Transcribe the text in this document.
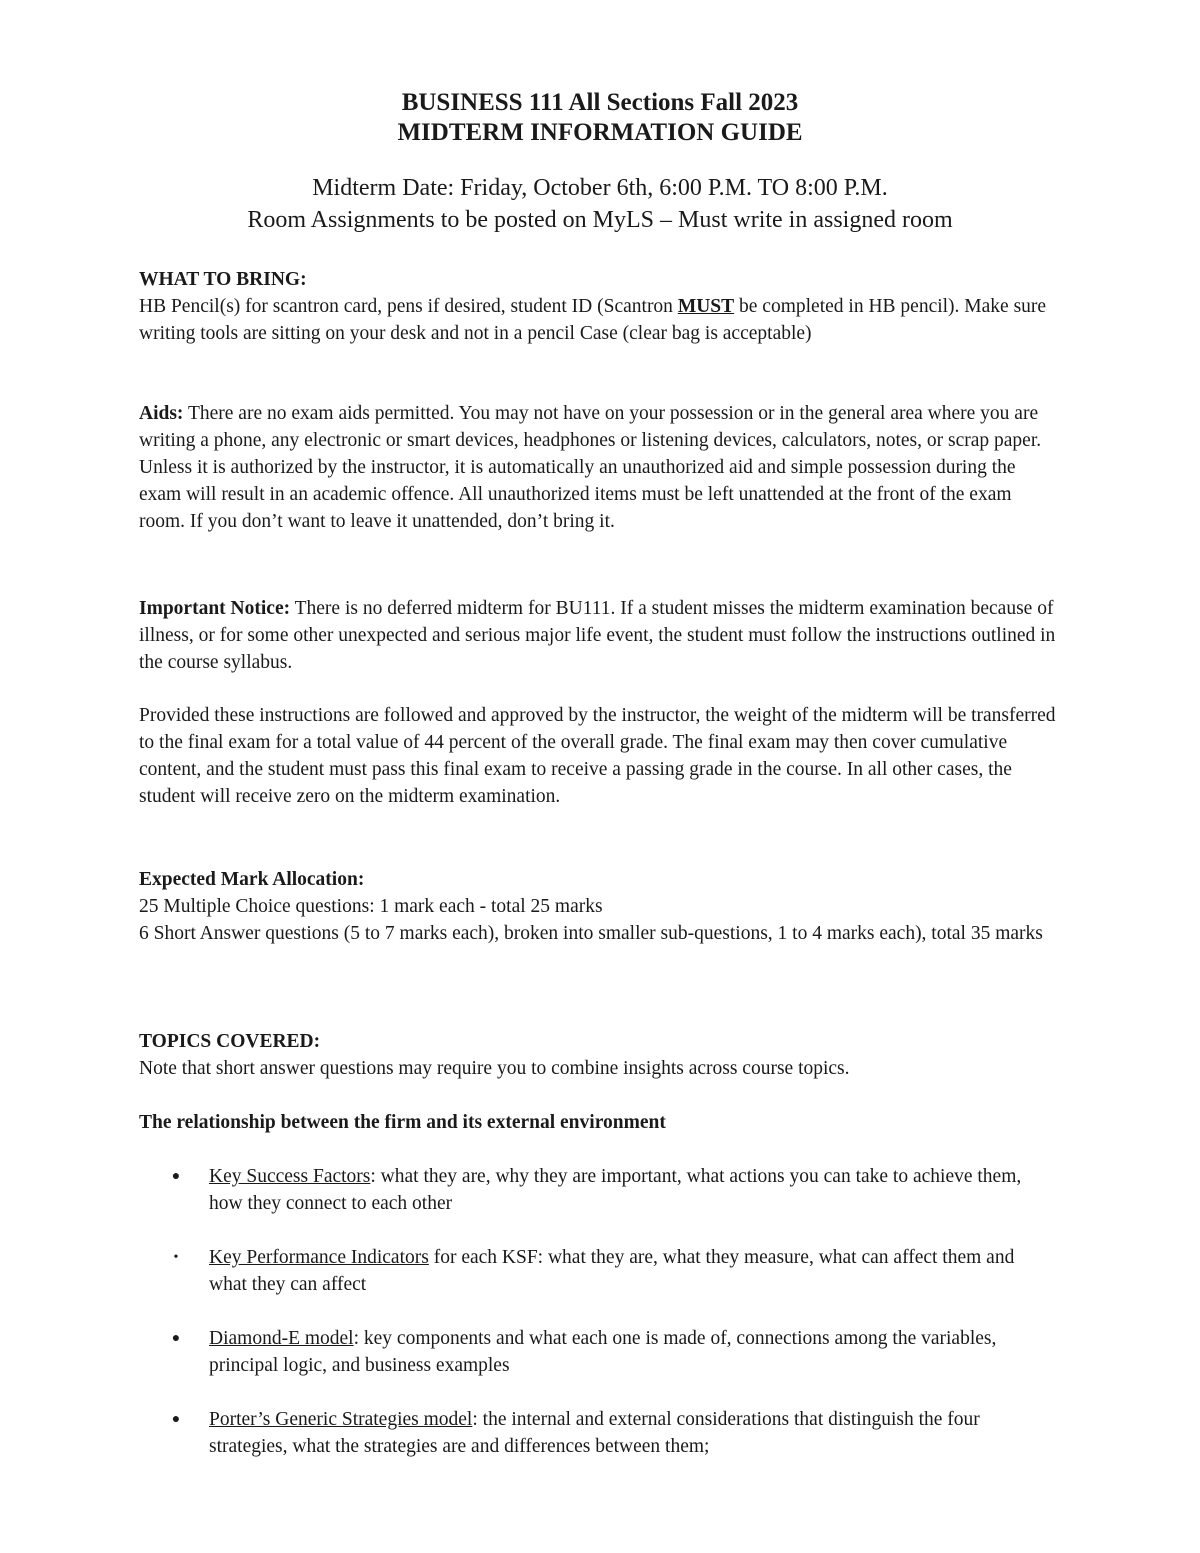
BUSINESS 111 All Sections Fall 2023

MIDTERM INFORMATION GUIDE

Midterm Date: Friday, October 6th, 6:00 P.M. TO 8:00 P.M.

Room Assignments to be posted on MyLS – Must write in assigned room

WHAT TO BRING:

HB Pencil(s) for scantron card, pens if desired, student ID (Scantron MUST be completed in HB pencil). Make sure writing tools are sitting on your desk and not in a pencil Case (clear bag is acceptable)

Aids: There are no exam aids permitted. You may not have on your possession or in the general area where you are writing a phone, any electronic or smart devices, headphones or listening devices, calculators, notes, or scrap paper. Unless it is authorized by the instructor, it is automatically an unauthorized aid and simple possession during the exam will result in an academic offence. All unauthorized items must be left unattended at the front of the exam room. If you don’t want to leave it unattended, don’t bring it.

Important Notice: There is no deferred midterm for BU111. If a student misses the midterm examination because of illness, or for some other unexpected and serious major life event, the student must follow the instructions outlined in the course syllabus.

Provided these instructions are followed and approved by the instructor, the weight of the midterm will be transferred to the final exam for a total value of 44 percent of the overall grade. The final exam may then cover cumulative content, and the student must pass this final exam to receive a passing grade in the course. In all other cases, the student will receive zero on the midterm examination.

Expected Mark Allocation:

25 Multiple Choice questions: 1 mark each - total 25 marks

6 Short Answer questions (5 to 7 marks each), broken into smaller sub-questions, 1 to 4 marks each), total 35 marks

TOPICS COVERED:

Note that short answer questions may require you to combine insights across course topics.

The relationship between the firm and its external environment

● Key Success Factors: what they are, why they are important, what actions you can take to achieve them, how they connect to each other
• Key Performance Indicators for each KSF: what they are, what they measure, what can affect them and what they can affect
● Diamond-E model: key components and what each one is made of, connections among the variables, principal logic, and business examples
● Porter’s Generic Strategies model: the internal and external considerations that distinguish the four strategies, what the strategies are and differences between them;
